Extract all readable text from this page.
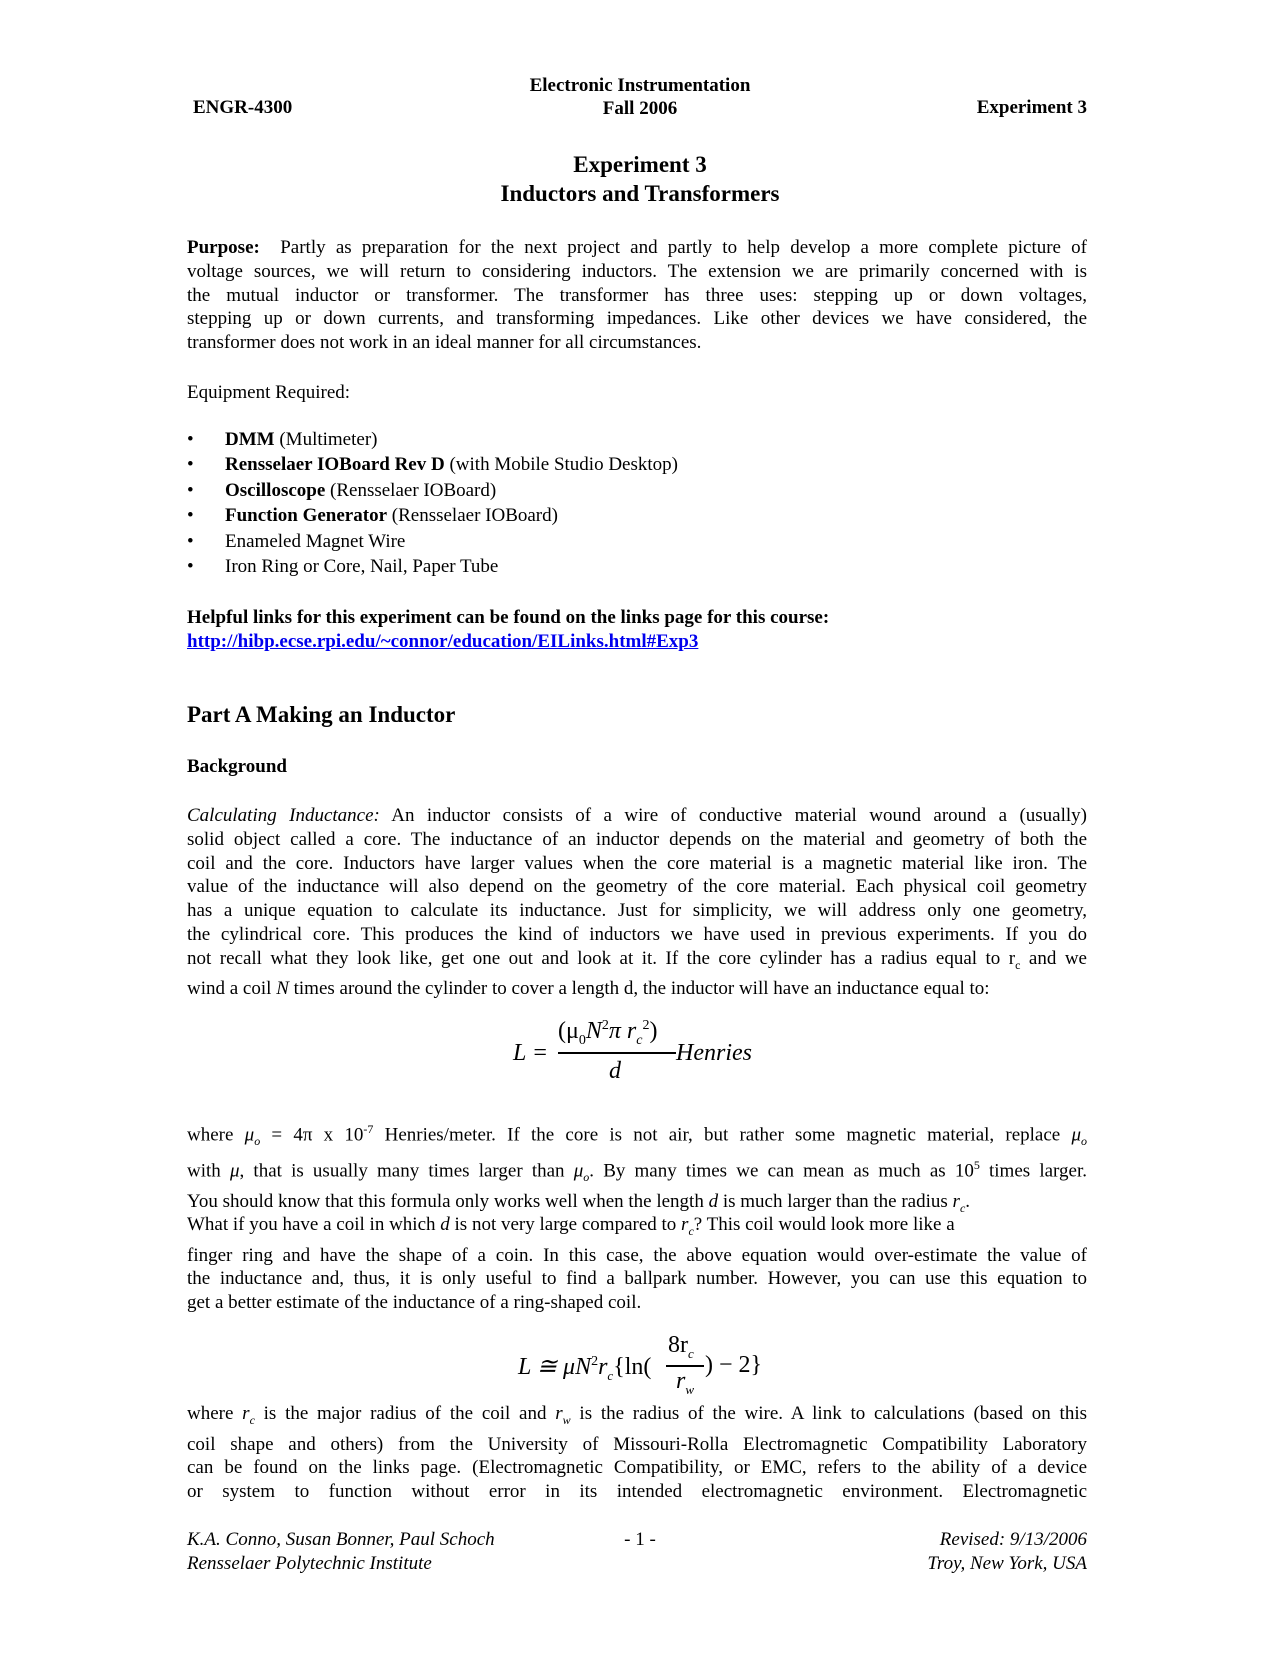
ENGR-4300
Electronic Instrumentation
Fall 2006	Experiment 3
Experiment 3
Inductors and Transformers
Purpose: Partly as preparation for the next project and partly to help develop a more complete picture of
voltage sources, we will return to considering inductors. The extension we are primarily concerned with is
the mutual inductor or transformer. The transformer has three uses: stepping up or down voltages,
stepping up or down currents, and transforming impedances. Like other devices we have considered, the
transformer does not work in an ideal manner for all circumstances.
Equipment Required:
• DMM (Multimeter)
• Rensselaer IOBoard Rev D (with Mobile Studio Desktop)
• Oscilloscope (Rensselaer IOBoard)
• Function Generator (Rensselaer IOBoard)
• Enameled Magnet Wire
• Iron Ring or Core, Nail, Paper Tube
Helpful links for this experiment can be found on the links page for this course:
http://hibp.ecse.rpi.edu/~connor/education/EILinks.html#Exp3
Part A Making an Inductor
Background
Calculating Inductance: An inductor consists of a wire of conductive material wound around a (usually)
solid object called a core. The inductance of an inductor depends on the material and geometry of both the
coil and the core. Inductors have larger values when the core material is a magnetic material like iron. The
value of the inductance will also depend on the geometry of the core material. Each physical coil geometry
has a unique equation to calculate its inductance. Just for simplicity, we will address only one geometry,
the cylindrical core. This produces the kind of inductors we have used in previous experiments. If you do
not recall what they look like, get one out and look at it. If the core cylinder has a radius equal to $r_c$ and we
wind a coil N times around the cylinder to cover a length d, the inductor will have an inductance equal to:
L =
($\mu_0N^2\pi$ $r_c^2$)
d
Henries
where $\mu_o = 4\pi$ x $10^{-7}$ Henries/meter. If the core is not air, but rather some magnetic material, replace $\mu_o$
with μ, that is usually many times larger than $\mu_o$. By many times we can mean as much as $10^5$ times larger.
You should know that this formula only works well when the length d is much larger than the radius $r_c$.
What if you have a coil in which d is not very large compared to $r_c$? This coil would look more like a
finger ring and have the shape of a coin. In this case, the above equation would over-estimate the value of
the inductance and, thus, it is only useful to find a ballpark number. However, you can use this equation to
get a better estimate of the inductance of a ring-shaped coil.
L ≅ $\mu N^2r_c\{\ln$(
$8r_c$
$r_w$
) − 2}
where $r_c$ is the major radius of the coil and $r_w$ is the radius of the wire. A link to calculations (based on this
coil shape and others) from the University of Missouri-Rolla Electromagnetic Compatibility Laboratory
can be found on the links page. (Electromagnetic Compatibility, or EMC, refers to the ability of a device
or system to function without error in its intended electromagnetic environment. Electromagnetic
K.A. Conno, Susan Bonner, Paul Schoch
Rensselaer Polytechnic Institute
- 1 -	Revised: 9/13/2006
Troy, New York, USA
